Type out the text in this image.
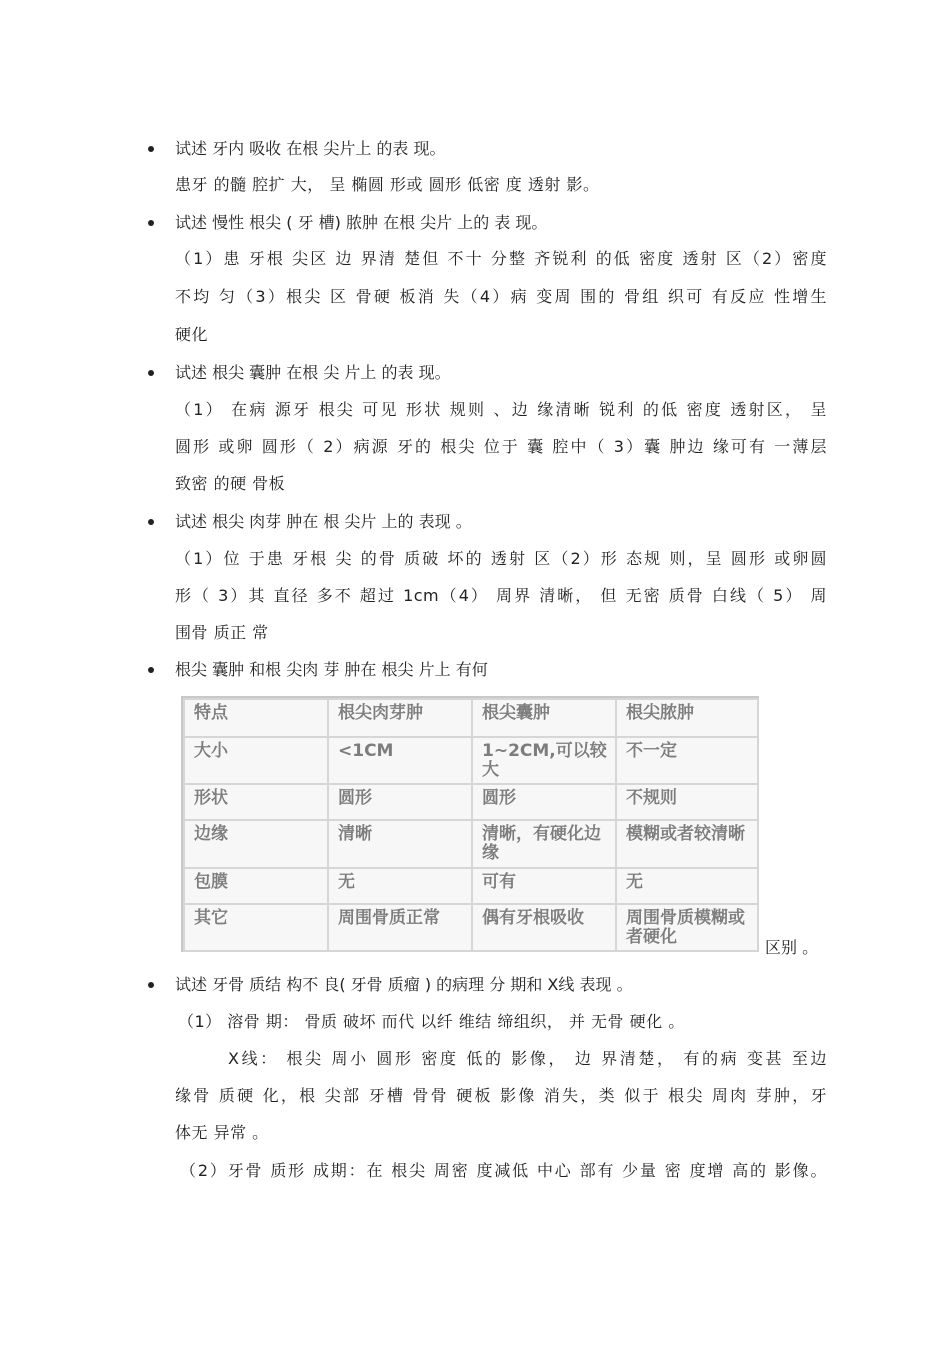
试述 牙内 吸收 在根 尖片上 的表 现。
患牙 的髓 腔扩 大， 呈 椭圆 形或 圆形 低密 度 透射 影。
试述 慢性 根尖 ( 牙 槽) 脓肿 在根 尖片 上的 表 现。
（1）患 牙根 尖区 边 界清 楚但 不十 分整 齐锐利 的低 密度 透射 区（2）密度
不均 匀（3）根尖 区 骨硬 板消 失（4）病 变周 围的 骨组 织可 有反应 性增生
硬化
试述 根尖 囊肿 在根 尖 片上 的表 现。
（1） 在病 源牙 根尖 可见 形状 规则 、边 缘清晰 锐利 的低 密度 透射区， 呈
圆形 或卵 圆形（ 2）病源 牙的 根尖 位于 囊 腔中（ 3）囊 肿边 缘可有 一薄层
致密 的硬 骨板
试述 根尖 肉芽 肿在 根 尖片 上的 表现 。
（1）位 于患 牙根 尖 的骨 质破 坏的 透射 区（2）形 态规 则，呈 圆形 或卵圆
形（ 3）其 直径 多不 超过 1cm（4） 周界 清晰， 但 无密 质骨 白线（ 5） 周
围骨 质正 常
根尖 囊肿 和根 尖肉 芽 肿在 根尖 片上 有何
特点	根尖肉芽肿	根尖囊肿	根尖脓肿
大小	<1CM	1~2CM,可以较大	不一定
形状	圆形	圆形	不规则
边缘	清晰	清晰，有硬化边缘	模糊或者较清晰
包膜	无	可有	无
其它	周围骨质正常	偶有牙根吸收	周围骨质模糊或者硬化
区别 。
试述 牙骨 质结 构不 良( 牙骨 质瘤 ) 的病理 分 期和 X线 表现 。
（1） 溶骨 期： 骨质 破坏 而代 以纤 维结 缔组织， 并 无骨 硬化 。
X线： 根尖 周小 圆形 密度 低的 影像， 边 界清楚， 有的病 变甚 至边
缘骨 质硬 化，根 尖部 牙槽 骨骨 硬板 影像 消失，类 似于 根尖 周肉 芽肿，牙
体无 异常 。
（2）牙骨 质形 成期：在 根尖 周密 度减低 中心 部有 少量 密 度增 高的 影像。
